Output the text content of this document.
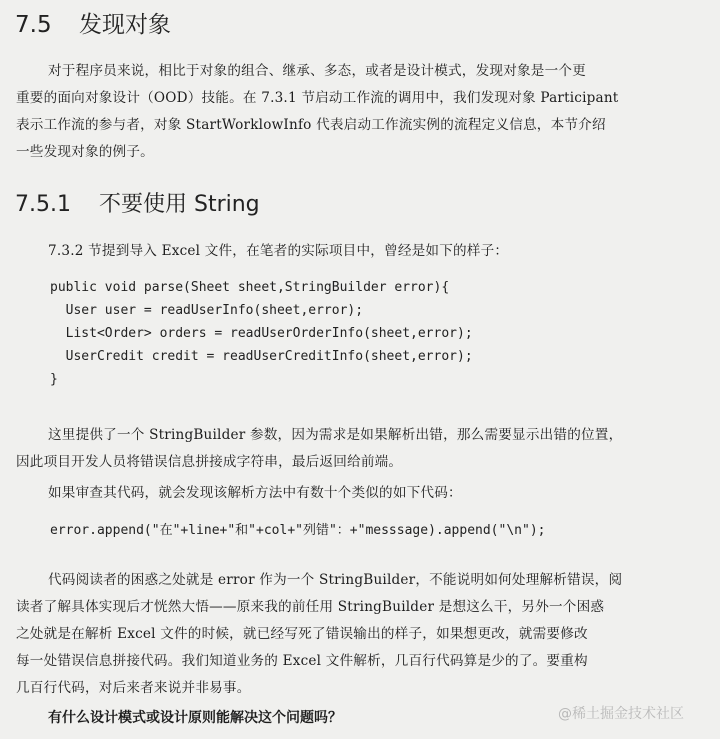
7.5 发现对象
对于程序员来说，相比于对象的组合、继承、多态，或者是设计模式，发现对象是一个更
重要的面向对象设计（OOD）技能。在 7.3.1 节启动工作流的调用中，我们发现对象 Participant
表示工作流的参与者，对象 StartWorklowInfo 代表启动工作流实例的流程定义信息，本节介绍
一些发现对象的例子。
7.5.1 不要使用 String
7.3.2 节提到导入 Excel 文件，在笔者的实际项目中，曾经是如下的样子：
public void parse(Sheet sheet,StringBuilder error){
User user = readUserInfo(sheet,error);
List<Order> orders = readUserOrderInfo(sheet,error);
UserCredit credit = readUserCreditInfo(sheet,error);
}
这里提供了一个 StringBuilder 参数，因为需求是如果解析出错，那么需要显示出错的位置，
因此项目开发人员将错误信息拼接成字符串，最后返回给前端。
如果审查其代码，就会发现该解析方法中有数十个类似的如下代码：
error.append("在"+line+"和"+col+"列错"：+"messsage).append("\n");
代码阅读者的困惑之处就是 error 作为一个 StringBuilder，不能说明如何处理解析错误，阅
读者了解具体实现后才恍然大悟——原来我的前任用 StringBuilder 是想这么干，另外一个困惑
之处就是在解析 Excel 文件的时候，就已经写死了错误输出的样子，如果想更改，就需要修改
每一处错误信息拼接代码。我们知道业务的 Excel 文件解析，几百行代码算是少的了。要重构
几百行代码，对后来者来说并非易事。
有什么设计模式或设计原则能解决这个问题吗？	@稀土掘金技术社区
